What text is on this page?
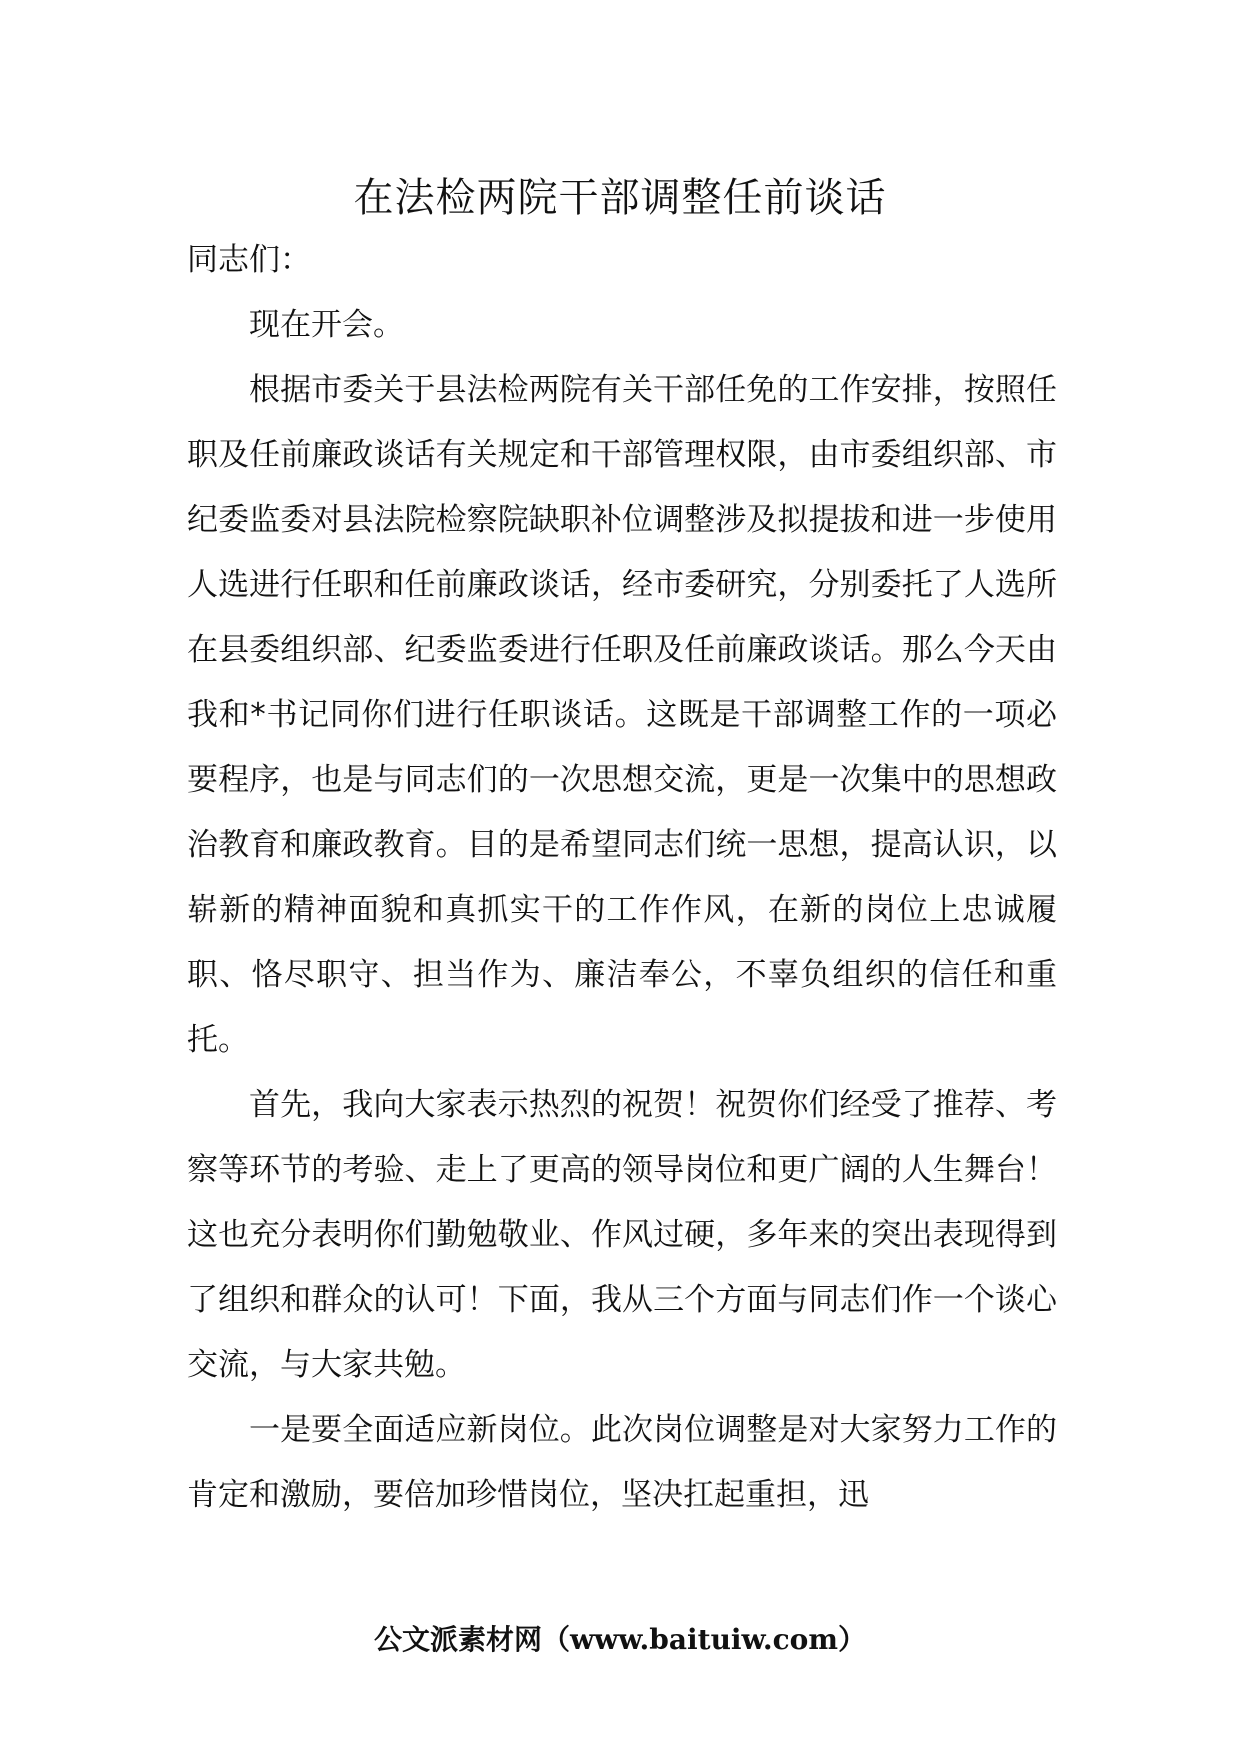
在法检两院干部调整任前谈话

同志们：

现在开会。

根据市委关于县法检两院有关干部任免的工作安排，按照任职及任前廉政谈话有关规定和干部管理权限，由市委组织部、市纪委监委对县法院检察院缺职补位调整涉及拟提拔和进一步使用人选进行任职和任前廉政谈话，经市委研究，分别委托了人选所在县委组织部、纪委监委进行任职及任前廉政谈话。那么今天由我和*书记同你们进行任职谈话。这既是干部调整工作的一项必要程序，也是与同志们的一次思想交流，更是一次集中的思想政治教育和廉政教育。目的是希望同志们统一思想，提高认识，以崭新的精神面貌和真抓实干的工作作风，在新的岗位上忠诚履职、恪尽职守、担当作为、廉洁奉公，不辜负组织的信任和重托。

首先，我向大家表示热烈的祝贺！祝贺你们经受了推荐、考察等环节的考验、走上了更高的领导岗位和更广阔的人生舞台！这也充分表明你们勤勉敬业、作风过硬，多年来的突出表现得到了组织和群众的认可！下面，我从三个方面与同志们作一个谈心交流，与大家共勉。

一是要全面适应新岗位。此次岗位调整是对大家努力工作的肯定和激励，要倍加珍惜岗位，坚决扛起重担，迅

公文派素材网（www.baituiw.com）
